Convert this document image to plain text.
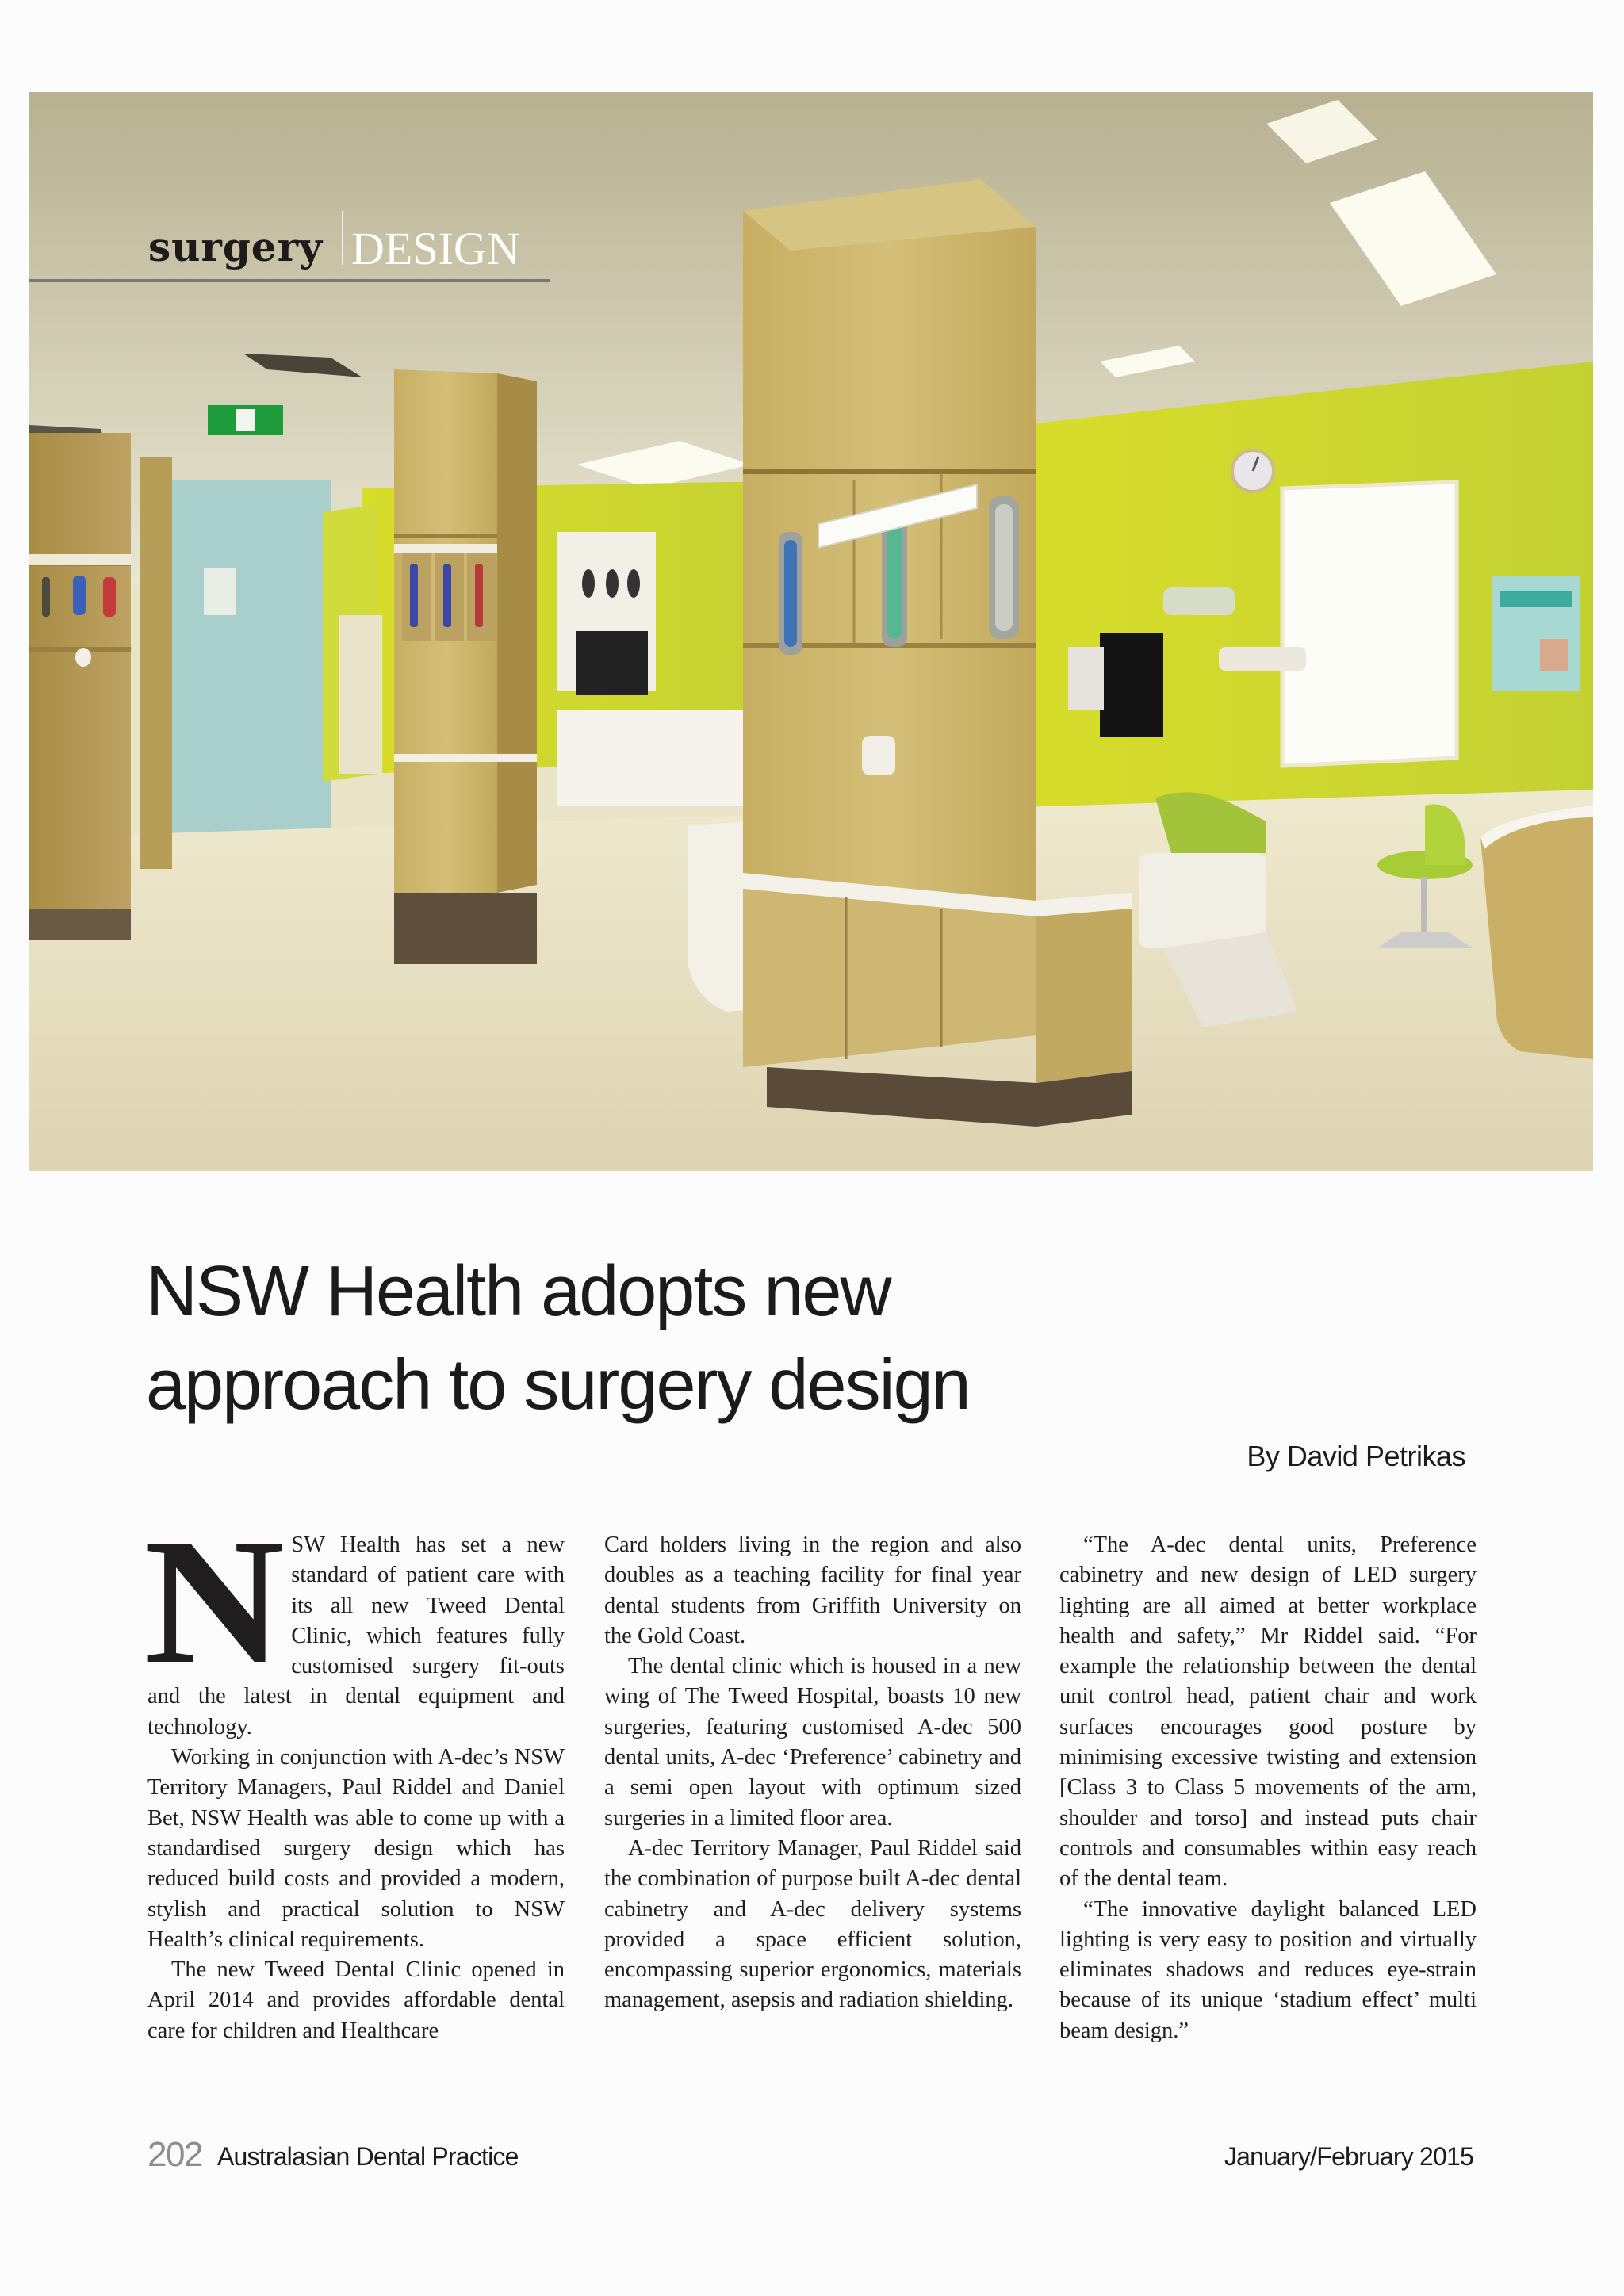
surgery DESIGN
NSW Health adopts new
approach to surgery design
By David Petrikas

NSW Health has set a new standard of patient care with its all new Tweed Dental Clinic, which features fully customised surgery fit-outs and the latest in dental equipment and technology.

Working in conjunction with A-dec’s NSW Territory Managers, Paul Riddel and Daniel Bet, NSW Health was able to come up with a standardised surgery design which has reduced build costs and provided a modern, stylish and practical solution to NSW Health’s clinical requirements.

The new Tweed Dental Clinic opened in April 2014 and provides affordable dental care for children and Healthcare

Card holders living in the region and also doubles as a teaching facility for final year dental students from Griffith University on the Gold Coast.

The dental clinic which is housed in a new wing of The Tweed Hospital, boasts 10 new surgeries, featuring customised A-dec 500 dental units, A-dec ‘Preference’ cabinetry and a semi open layout with optimum sized surgeries in a limited floor area.

A-dec Territory Manager, Paul Riddel said the combination of purpose built A-dec dental cabinetry and A-dec delivery systems provided a space efficient solution, encompassing superior ergonomics, materials management, asepsis and radiation shielding.

“The A-dec dental units, Preference cabinetry and new design of LED surgery lighting are all aimed at better workplace health and safety,” Mr Riddel said. “For example the relationship between the dental unit control head, patient chair and work surfaces encourages good posture by minimising excessive twisting and extension [Class 3 to Class 5 movements of the arm, shoulder and torso] and instead puts chair controls and consumables within easy reach of the dental team.

“The innovative daylight balanced LED lighting is very easy to position and virtually eliminates shadows and reduces eye-strain because of its unique ‘stadium effect’ multi beam design.”

202 Australasian Dental Practice	January/February 2015
